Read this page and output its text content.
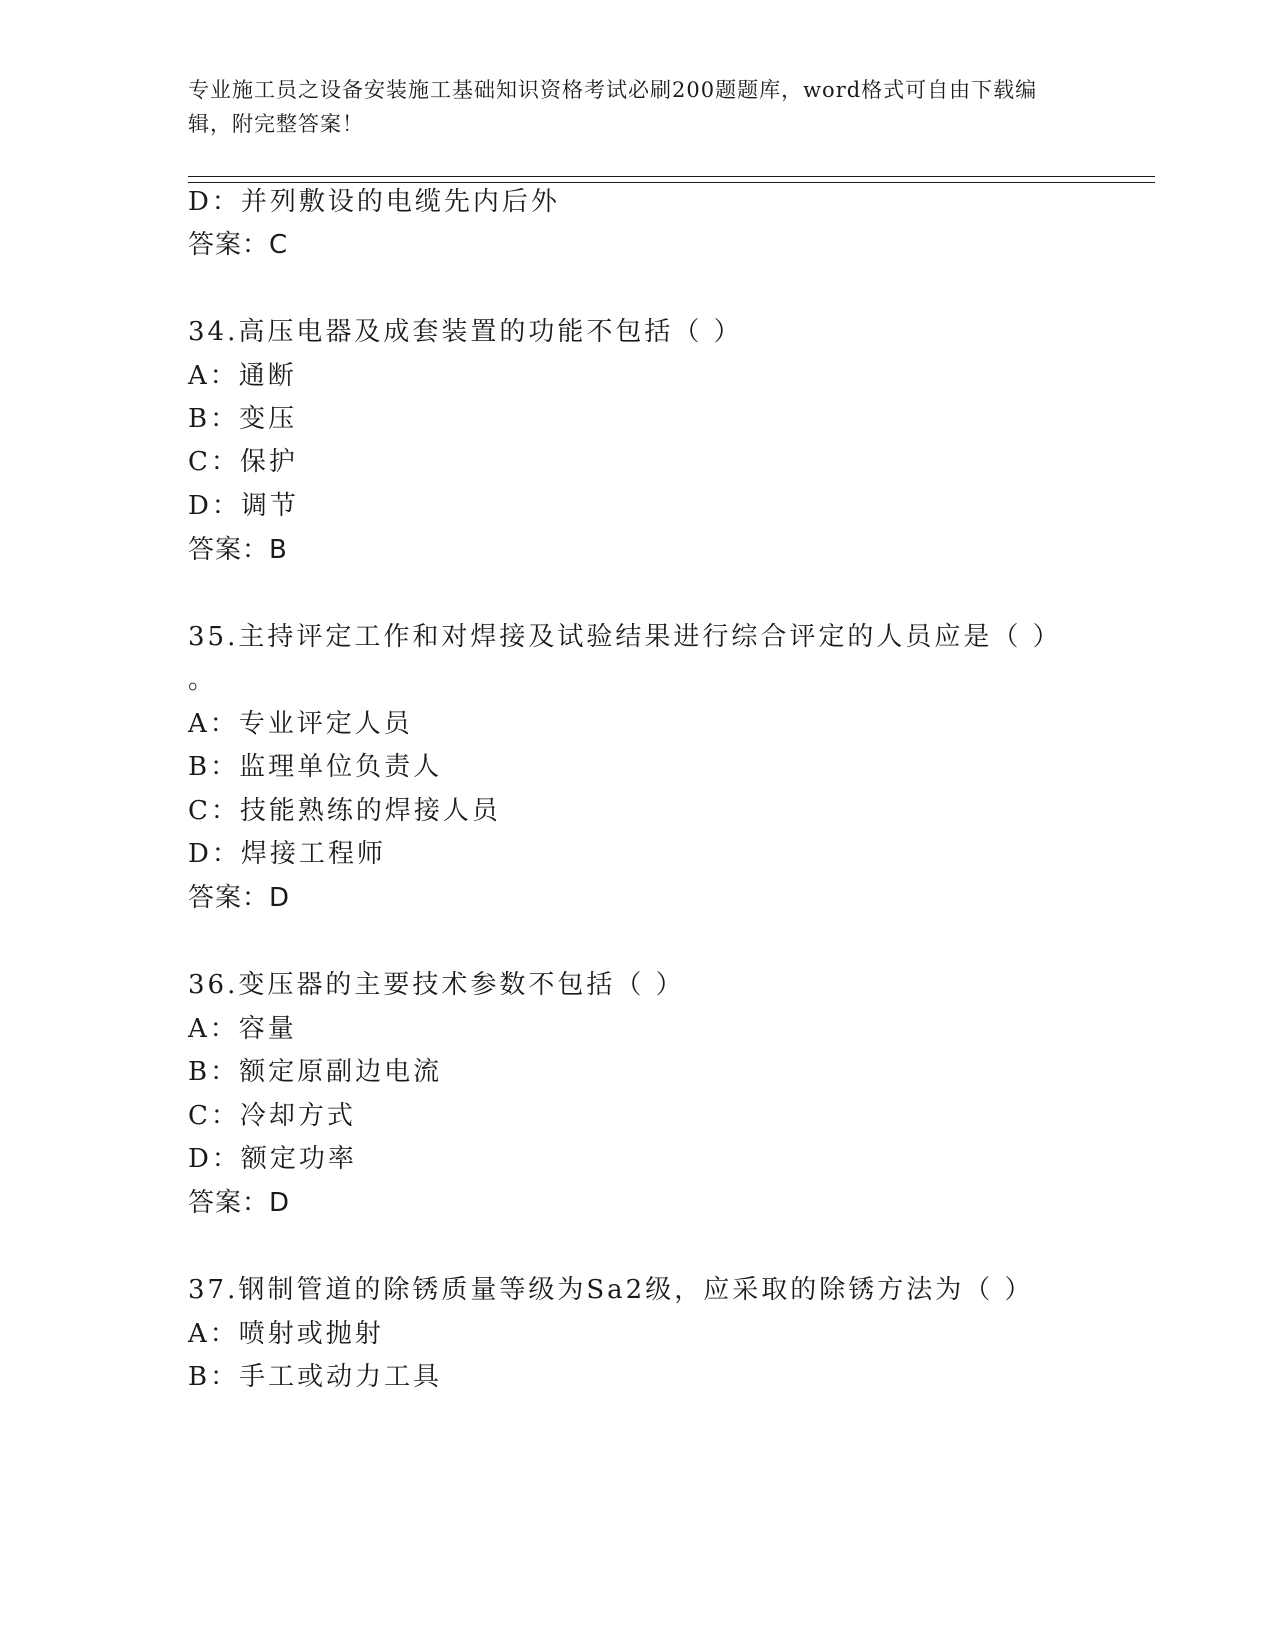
专业施工员之设备安装施工基础知识资格考试必刷200题题库，word格式可自由下载编辑，附完整答案！
D：并列敷设的电缆先内后外
答案：C
34.高压电器及成套装置的功能不包括（ ）
A：通断
B：变压
C：保护
D：调节
答案：B
35.主持评定工作和对焊接及试验结果进行综合评定的人员应是（ ）
。
A：专业评定人员
B：监理单位负责人
C：技能熟练的焊接人员
D：焊接工程师
答案：D
36.变压器的主要技术参数不包括（ ）
A：容量
B：额定原副边电流
C：冷却方式
D：额定功率
答案：D
37.钢制管道的除锈质量等级为Sa2级，应采取的除锈方法为（ ）
A：喷射或抛射
B：手工或动力工具
